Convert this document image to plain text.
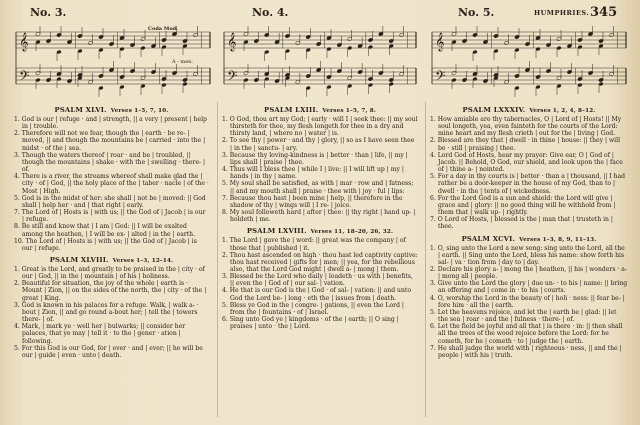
No. 3.	No. 4.	No. 5.	HUMPHRIES. 345
𝄞
𝄢
Coda Mod.
A - men.
𝄞
𝄢
𝄞
𝄢
PSALM XLVI. Verses 1–5, 7, 10.

1. God is our | refuge · and | strength, || a very | present | help in | trouble.

2. Therefore will not we fear, though the | earth · be re- | moved, || and though the mountains be | carried · into the | midst · of the | sea.

3. Though the waters thereof | roar · and be | troubled, || though the mountains | shake · with the | swelling · there- | of.

4. There is a river, the streams whereof shall make glad the | city · of | God, || the holy place of the | taber · nacle | of the · Most | High.

5. God is in the midst of her: she shall | not be | moved: || God shall | help her · and | that right | early.

7. The Lord of | Hosts is | with us; || the God of | Jacob | is our | refuge.

8. Be still and know that | I am | God: || I will be exalted among the heathen, | I will be ex- | alted | in the | earth.

10. The Lord of | Hosts is | with us; || the God of | Jacob | is our | refuge.

PSALM XLVIII. Verses 1–3, 12–14.

1. Great is the Lord, and greatly to be praised in the | city · of our | God, || in the | mountain | of his | holiness.

2. Beautiful for situation, the joy of the whole | earth is · Mount | Zion, || on the sides of the north, the | city · of the | great | King.

3. God is known in his palaces for a refuge. Walk, | walk a- · bout | Zion, || and go round a-bout her; | tell the | towers there- | of.

4. Mark, | mark ye · well her | bulwarks; || consider her palaces, that ye may | tell it · to the | gener · ation | following.

5. For this God is our God, for | ever · and | ever; || he will be our | guide | even · unto | death.

PSALM LXIII. Verses 1–5, 7, 8.

1. O God, thou art my God; | early · will I | seek thee: || my soul thirsteth for thee, my flesh longeth for thee in a dry and thirsty land, | where no | water | is.

2. To see thy | power · and thy | glory, || so as I have seen thee | in the | sanctu- | ary.

3. Because thy loving-kindness is | better · than | life, || my | lips shall | praise | thee.

4. Thus will I bless thee | while I | live: || I will lift up | my | hands | in thy | name.

5. My soul shall be satisfied, as with | mar · row and | fatness; || and my mouth shall | praise · thee with | joy · ful | lips:

7. Because thou hast | been mine | help, || therefore in the shadow of thy | wings will | I re- | joice.

8. My soul followeth hard | after | thee: || thy right | hand up- | holdeth | me.

PSALM LXVIII. Verses 11, 18–20, 26, 32.

1. The Lord | gave the | word: || great was the company | of those that | published | it.

2. Thou hast ascended on high · thou hast led captivity captive: thou hast received | gifts for | men; || yea, for the rebellious also, that the Lord God might | dwell a- | mong | them.

3. Blessed be the Lord who daily | loadeth · us with | benefits, || even the | God of | our sal- | vation.

4. He that is our God is the | God · of sal- | vation: || and unto God the Lord be- | long · eth the | issues from | death.

5. Bless ye God in the | congre- | gations, || even the Lord | from the | fountains · of | Israel.

6. Sing unto God ye | kingdoms · of the | earth; || O sing | praises | unto · the | Lord.

PSALM LXXXIV. Verses 1, 2, 4, 8–12.

1. How amiable are thy tabernacles, O | Lord of | Hosts! || My soul longeth, yea, even fainteth for the courts of the Lord: mine heart and my flesh crieth | out for the | living | God.

2. Blessed are they that | dwell · in thine | house: || they | will be · still | praising | thee.

4. Lord God of Hosts, hear my prayer: Give ear, O | God of | Jacob. || Behold, O God, our shield, and look upon the | face of | thine a- | nointed.

5. For a day in thy courts is | better · than a | thousand, || I had rather be a door-keeper in the house of my God, than to | dwell · in the | tents of | wickedness.

6. For the Lord God is a sun and shield: the Lord will give | grace and | glory: || no good thing will he withhold from | them that | walk up- | rightly.

7. O Lord of Hosts, | blessed is the | man that | trusteth in | thee.

PSALM XCVI. Verses 1–3, 8, 9, 11–13.

1. O, sing unto the Lord a new song: sing unto the Lord, all the | earth. || Sing unto the Lord, bless his name: show forth his sal- | va · tion from | day to | day.

2. Declare his glory a- | mong the | heathen, || his | wonders · a- | mong all | people.

3. Give unto the Lord the glory | due un- · to his | name: || bring an offering and | come in · to his | courts.

4. O, worship the Lord in the beauty of | holi · ness: || fear be- | fore him · all the | earth.

5. Let the heavens rejoice, and let the | earth be | glad: || let the sea | roar · and the | fulness · there- | of.

6. Let the field be joyful and all that | is there · in: || then shall all the trees of the wood rejoice before the Lord: for he cometh, for he | cometh · to | judge the | earth.

7. He shall judge the world with | righteous · ness, || and the | people | with his | truth.
